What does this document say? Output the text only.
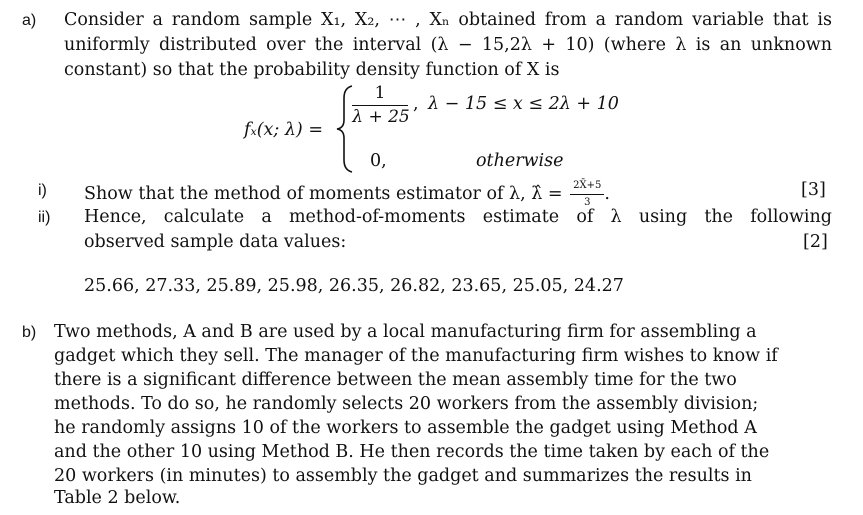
a) Consider a random sample X₁, X₂, ⋯ , Xₙ obtained from a random variable that is
uniformly distributed over the interval (λ − 15,2λ + 10) (where λ is an unknown
constant) so that the probability density function of X is
fₓ(x; λ) =
1
λ + 25
, λ − 15 ≤ x ≤ 2λ + 10
0,	otherwise
i) Show that the method of moments estimator of λ, λ̂ = $\frac{2X̄+5}{3}$ .	[3]
ii) Hence, calculate a method-of-moments estimate of λ using the following
observed sample data values:	[2]
25.66, 27.33, 25.89, 25.98, 26.35, 26.82, 23.65, 25.05, 24.27
b) Two methods, A and B are used by a local manufacturing firm for assembling a
gadget which they sell. The manager of the manufacturing firm wishes to know if
there is a significant difference between the mean assembly time for the two
methods. To do so, he randomly selects 20 workers from the assembly division;
he randomly assigns 10 of the workers to assemble the gadget using Method A
and the other 10 using Method B. He then records the time taken by each of the
20 workers (in minutes) to assembly the gadget and summarizes the results in
Table 2 below.
